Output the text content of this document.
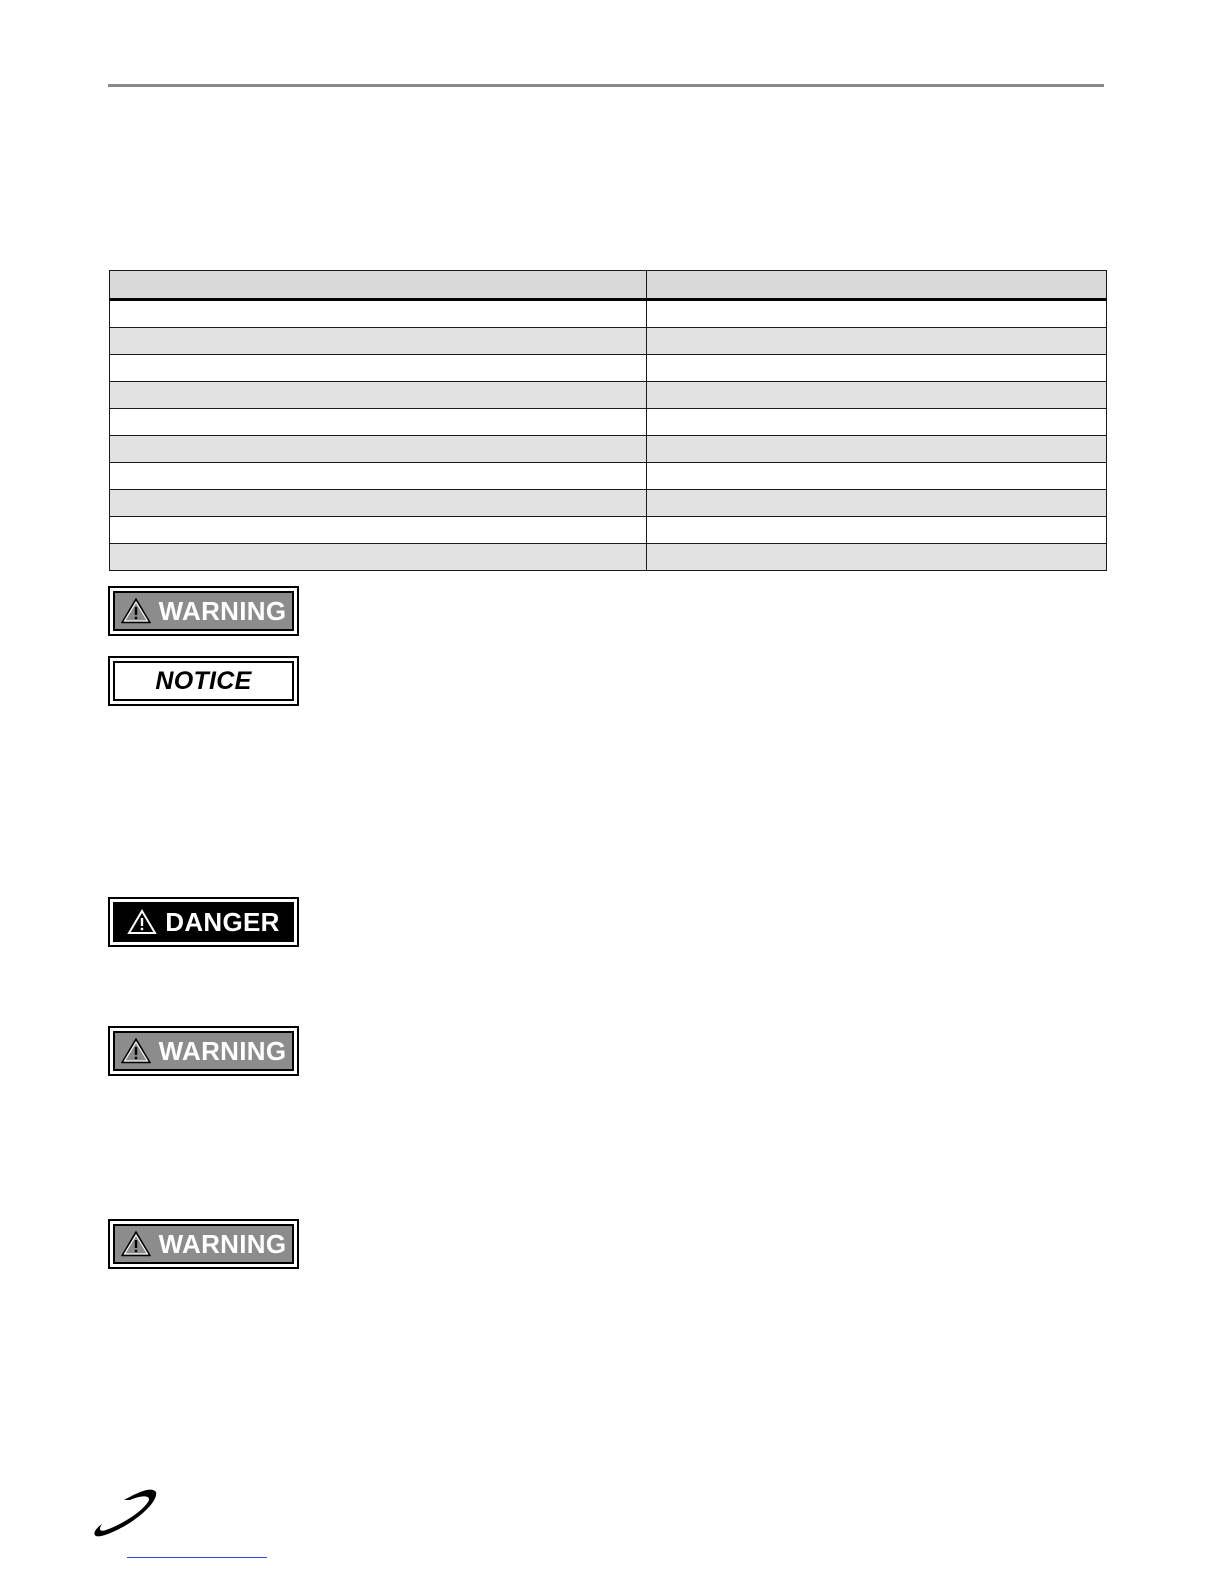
WARNING
NOTICE
DANGER
WARNING
WARNING
